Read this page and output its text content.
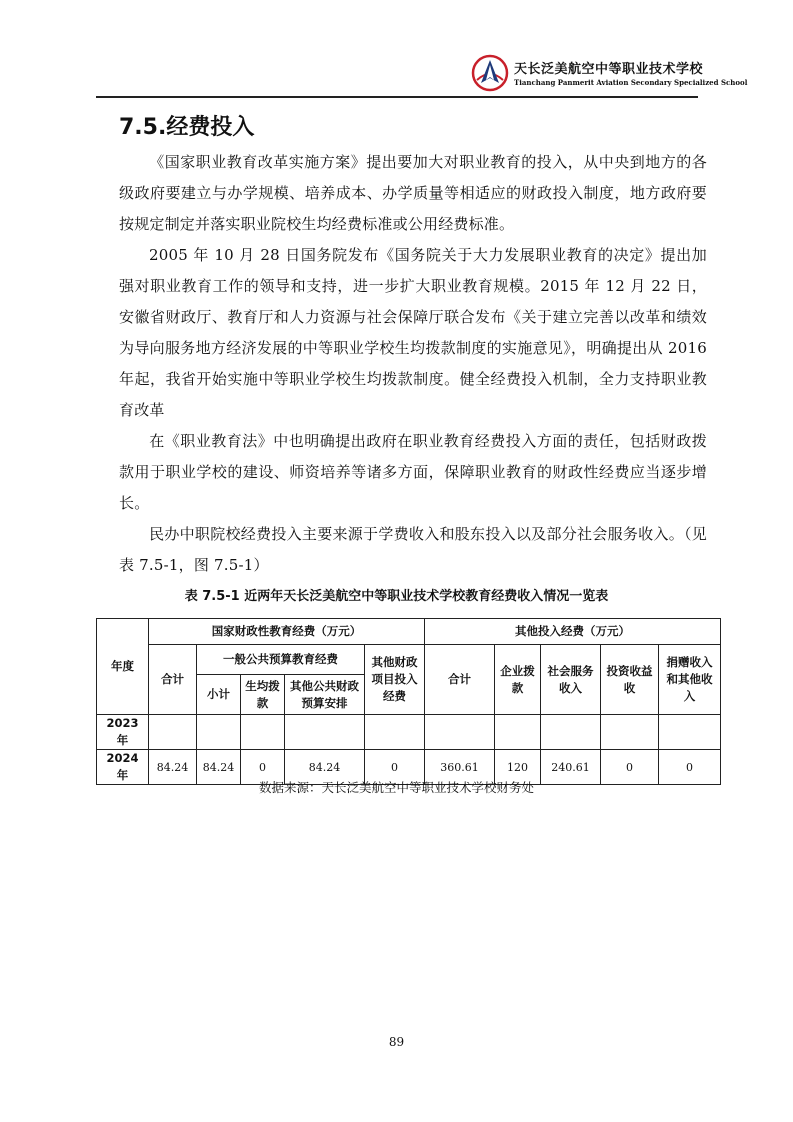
天长泛美航空中等职业技术学校
Tianchang Panmerit Aviation Secondary Specialized School
7.5.经费投入

《国家职业教育改革实施方案》提出要加大对职业教育的投入，从中央到地方的各级政府要建立与办学规模、培养成本、办学质量等相适应的财政投入制度，地方政府要按规定制定并落实职业院校生均经费标准或公用经费标准。

2005 年 10 月 28 日国务院发布《国务院关于大力发展职业教育的决定》提出加强对职业教育工作的领导和支持，进一步扩大职业教育规模。2015 年 12 月 22 日，安徽省财政厅、教育厅和人力资源与社会保障厅联合发布《关于建立完善以改革和绩效为导向服务地方经济发展的中等职业学校生均拨款制度的实施意见》，明确提出从 2016 年起，我省开始实施中等职业学校生均拨款制度。健全经费投入机制，全力支持职业教育改革

在《职业教育法》中也明确提出政府在职业教育经费投入方面的责任，包括财政拨款用于职业学校的建设、师资培养等诸多方面，保障职业教育的财政性经费应当逐步增长。

民办中职院校经费投入主要来源于学费收入和股东投入以及部分社会服务收入。（见表 7.5-1，图 7.5-1）

表 7.5-1 近两年天长泛美航空中等职业技术学校教育经费收入情况一览表
年度	国家财政性教育经费（万元）					其他投入经费（万元）				
	合计	一般公共预算教育经费			其他财政项目投入经费	合计	企业拨款	社会服务收入	投资收益收	捐赠收入和其他收入
		小计	生均拨款	其他公共财政预算安排						
2023 年										
2024 年	84.24	84.24	0	84.24	0	360.61	120	240.61	0	0
数据来源：天长泛美航空中等职业技术学校财务处
89
